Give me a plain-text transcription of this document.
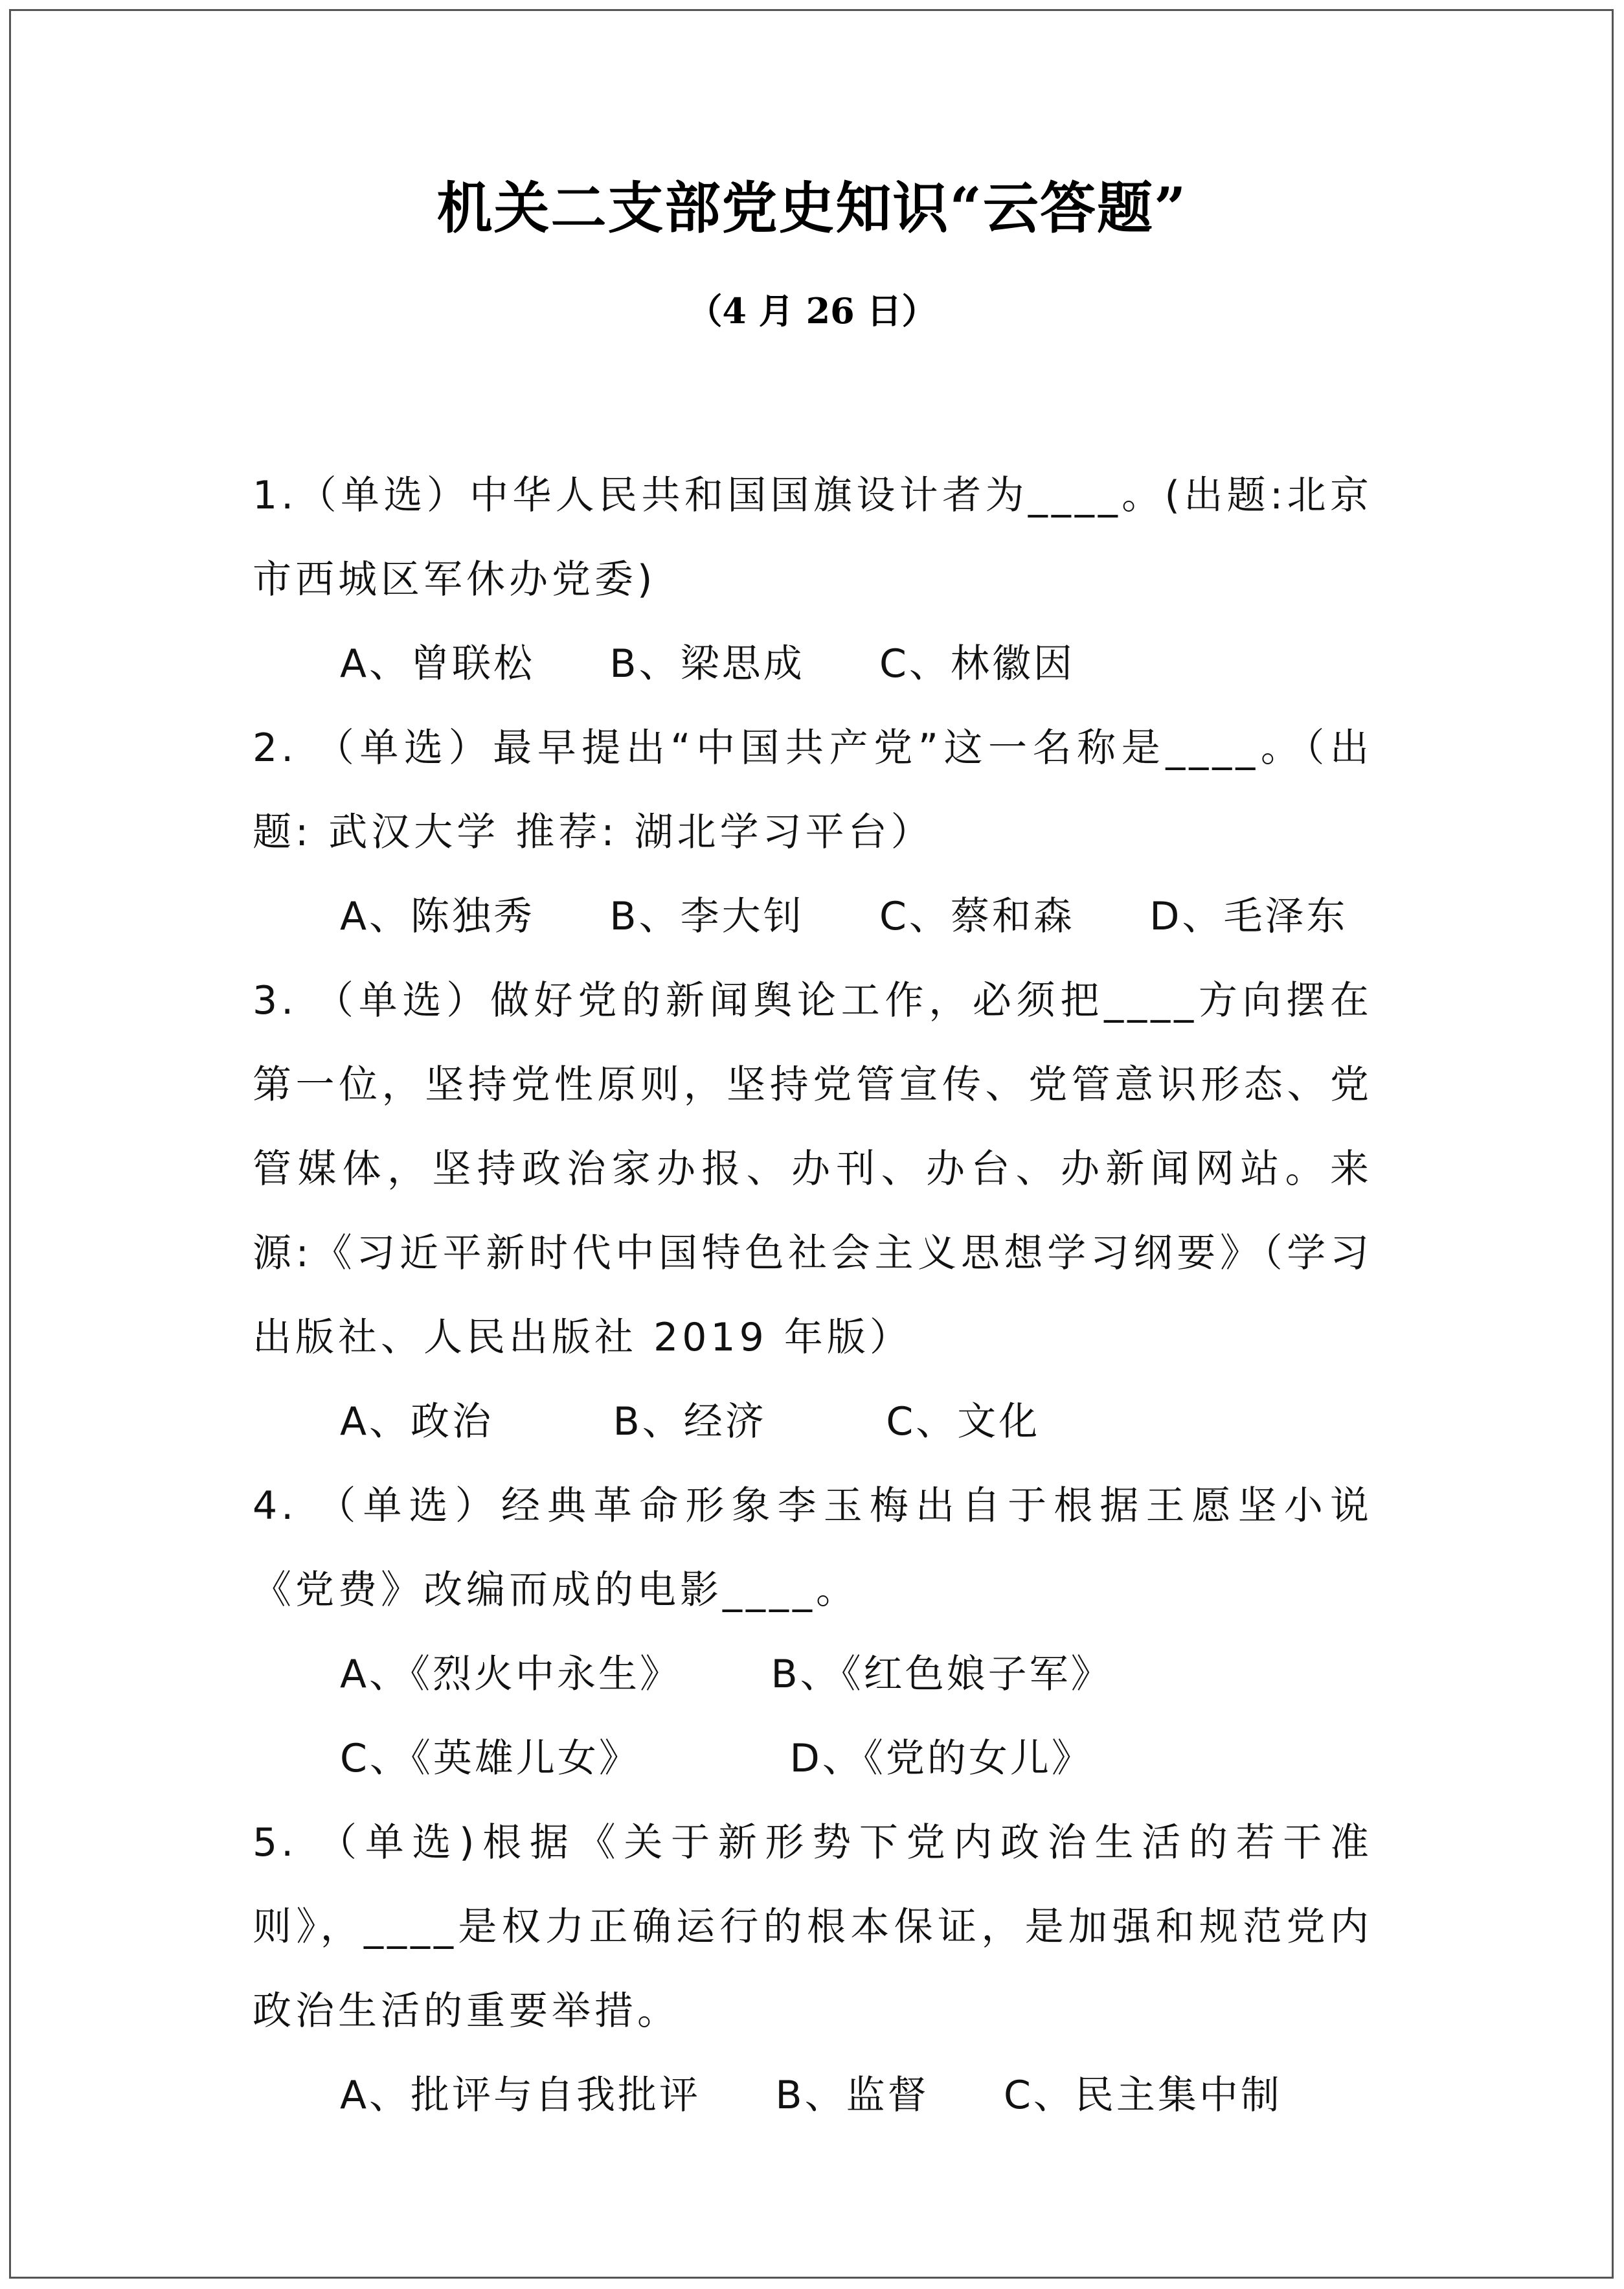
机关二支部党史知识“云答题”
（4 月 26 日）

1.（单选）中华人民共和国国旗设计者为____。(出题:北京市西城区军休办党委)

A、曾联松 B、梁思成 C、林徽因

2. （单选）最早提出“中国共产党”这一名称是____。（出题: 武汉大学 推荐: 湖北学习平台）

A、陈独秀 B、李大钊 C、蔡和森 D、毛泽东

3. （单选）做好党的新闻舆论工作，必须把____方向摆在第一位，坚持党性原则，坚持党管宣传、党管意识形态、党管媒体，坚持政治家办报、办刊、办台、办新闻网站。来源:《习近平新时代中国特色社会主义思想学习纲要》（学习出版社、人民出版社 2019 年版）

A、政治	B、经济	C、文化

4. （单选）经典革命形象李玉梅出自于根据王愿坚小说《党费》改编而成的电影____。

A、《烈火中永生》 B、《红色娘子军》

C、《英雄儿女》	D、《党的女儿》

5. （单选)根据《关于新形势下党内政治生活的若干准则》，____是权力正确运行的根本保证，是加强和规范党内政治生活的重要举措。

A、批评与自我批评 B、监督 C、民主集中制
